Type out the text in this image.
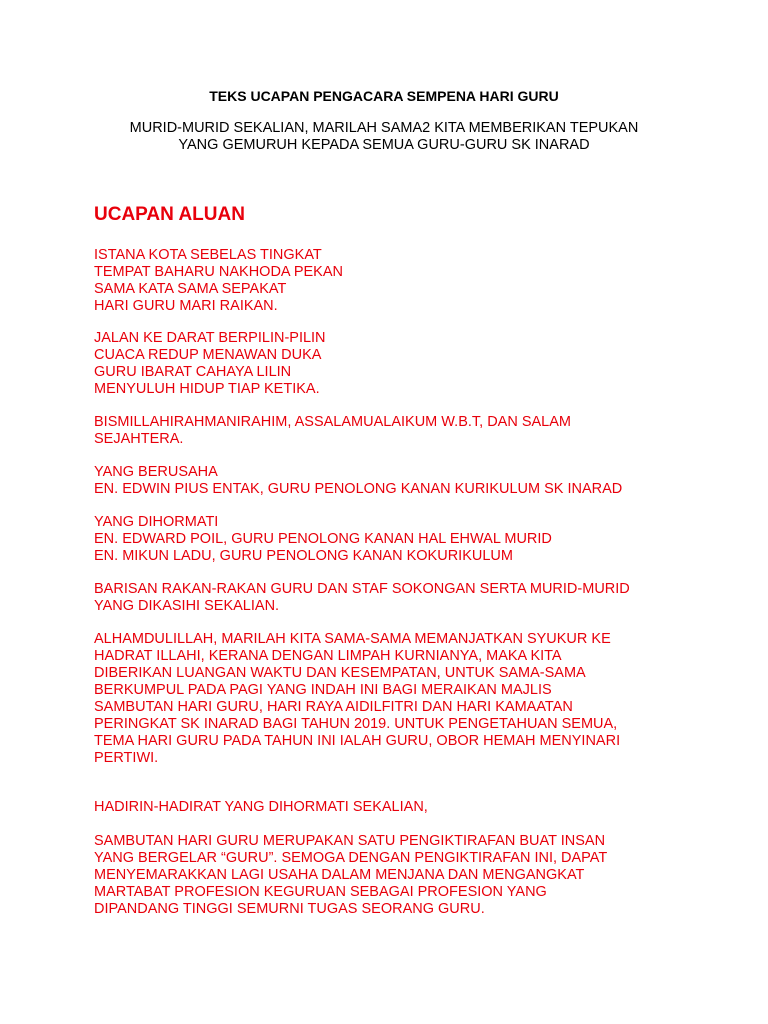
TEKS UCAPAN PENGACARA SEMPENA HARI GURU

MURID-MURID SEKALIAN, MARILAH SAMA2 KITA MEMBERIKAN TEPUKAN
YANG GEMURUH KEPADA SEMUA GURU-GURU SK INARAD

UCAPAN ALUAN

ISTANA KOTA SEBELAS TINGKAT
TEMPAT BAHARU NAKHODA PEKAN
SAMA KATA SAMA SEPAKAT
HARI GURU MARI RAIKAN.

JALAN KE DARAT BERPILIN-PILIN
CUACA REDUP MENAWAN DUKA
GURU IBARAT CAHAYA LILIN
MENYULUH HIDUP TIAP KETIKA.

BISMILLAHIRAHMANIRAHIM, ASSALAMUALAIKUM W.B.T, DAN SALAM
SEJAHTERA.

YANG BERUSAHA
EN. EDWIN PIUS ENTAK, GURU PENOLONG KANAN KURIKULUM SK INARAD

YANG DIHORMATI
EN. EDWARD POIL, GURU PENOLONG KANAN HAL EHWAL MURID
EN. MIKUN LADU, GURU PENOLONG KANAN KOKURIKULUM

BARISAN RAKAN-RAKAN GURU DAN STAF SOKONGAN SERTA MURID-MURID
YANG DIKASIHI SEKALIAN.

ALHAMDULILLAH, MARILAH KITA SAMA-SAMA MEMANJATKAN SYUKUR KE
HADRAT ILLAHI, KERANA DENGAN LIMPAH KURNIANYA, MAKA KITA
DIBERIKAN LUANGAN WAKTU DAN KESEMPATAN, UNTUK SAMA-SAMA
BERKUMPUL PADA PAGI YANG INDAH INI BAGI MERAIKAN MAJLIS
SAMBUTAN HARI GURU, HARI RAYA AIDILFITRI DAN HARI KAMAATAN
PERINGKAT SK INARAD BAGI TAHUN 2019. UNTUK PENGETAHUAN SEMUA,
TEMA HARI GURU PADA TAHUN INI IALAH GURU, OBOR HEMAH MENYINARI
PERTIWI.

HADIRIN-HADIRAT YANG DIHORMATI SEKALIAN,

SAMBUTAN HARI GURU MERUPAKAN SATU PENGIKTIRAFAN BUAT INSAN
YANG BERGELAR “GURU”. SEMOGA DENGAN PENGIKTIRAFAN INI, DAPAT
MENYEMARAKKAN LAGI USAHA DALAM MENJANA DAN MENGANGKAT
MARTABAT PROFESION KEGURUAN SEBAGAI PROFESION YANG
DIPANDANG TINGGI SEMURNI TUGAS SEORANG GURU.
